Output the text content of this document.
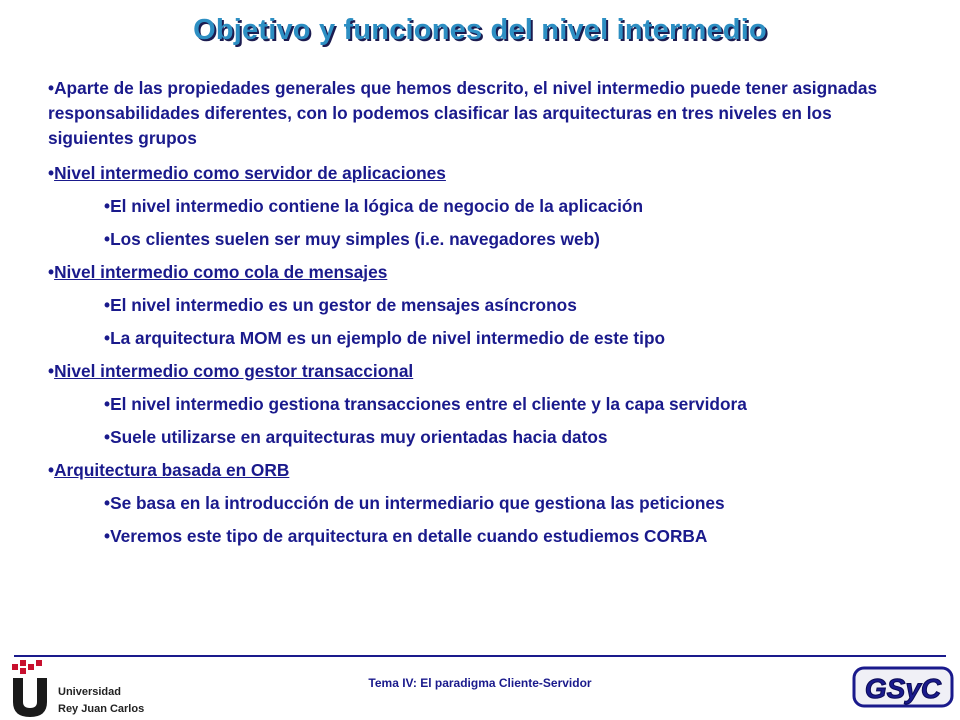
Objetivo y funciones del nivel intermedio

•Aparte de las propiedades generales que hemos descrito, el nivel intermedio puede tener asignadas responsabilidades diferentes, con lo podemos clasificar las arquitecturas en tres niveles en los siguientes grupos

•Nivel intermedio como servidor de aplicaciones

•El nivel intermedio contiene la lógica de negocio de la aplicación

•Los clientes suelen ser muy simples (i.e. navegadores web)

•Nivel intermedio como cola de mensajes

•El nivel intermedio es un gestor de mensajes asíncronos

•La arquitectura MOM es un ejemplo de nivel intermedio de este tipo

•Nivel intermedio como gestor transaccional

•El nivel intermedio gestiona transacciones entre el cliente y la capa servidora

•Suele utilizarse en arquitecturas muy orientadas hacia datos

•Arquitectura basada en ORB

•Se basa en la introducción de un intermediario que gestiona las peticiones

•Veremos este tipo de arquitectura en detalle cuando estudiemos CORBA

Universidad
Rey Juan Carlos
Tema IV: El paradigma Cliente-Servidor	GSyC
